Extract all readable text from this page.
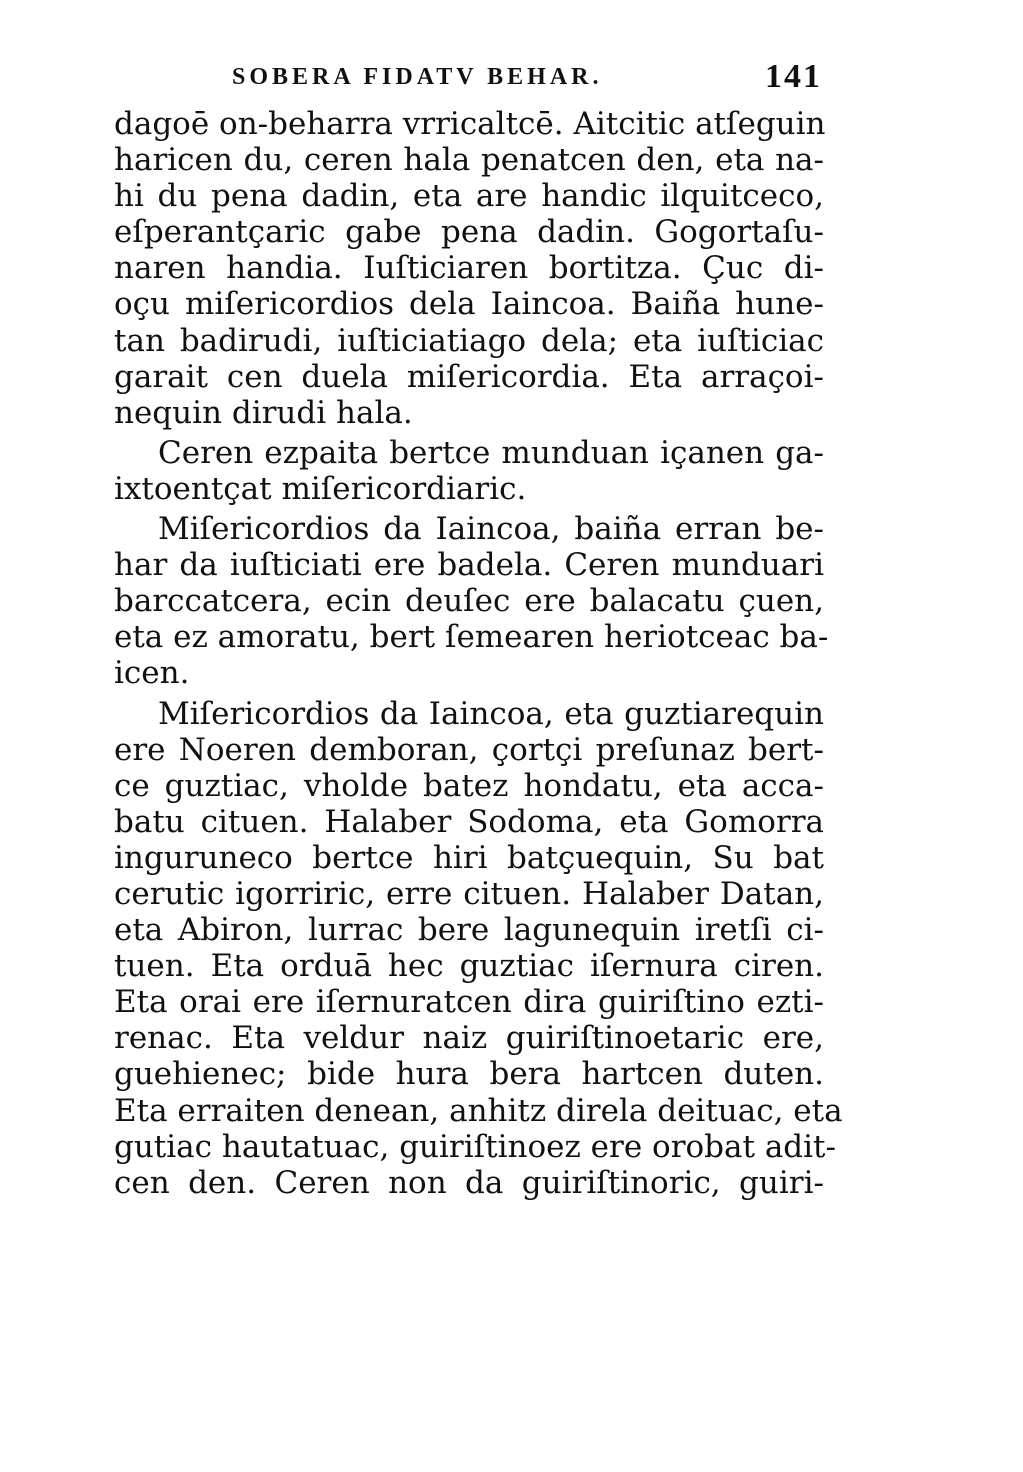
SOBERA FIDATV BEHAR.	141
dagoē on-beharra vrricaltcē. Aitcitic atſeguin
haricen du, ceren hala penatcen den, eta na-
hi du pena dadin, eta are handic ilquitceco,
eſperantçaric gabe pena dadin. Gogortaſu-
naren handia. Iuſticiaren bortitza. Çuc di-
oçu miſericordios dela Iaincoa. Baiña hune-
tan badirudi, iuſticiatiago dela; eta iuſticiac
garait cen duela miſericordia. Eta arraçoi-
nequin dirudi hala.
Ceren ezpaita bertce munduan içanen ga-
ixtoentçat miſericordiaric.
Miſericordios da Iaincoa, baiña erran be-
har da iuſticiati ere badela. Ceren munduari
barccatcera, ecin deuſec ere balacatu çuen,
eta ez amoratu, bert ſemearen heriotceac ba-
icen.
Miſericordios da Iaincoa, eta guztiarequin
ere Noeren demboran, çortçi preſunaz bert-
ce guztiac, vholde batez hondatu, eta acca-
batu cituen. Halaber Sodoma, eta Gomorra
inguruneco bertce hiri batçuequin, Su bat
cerutic igorriric, erre cituen. Halaber Datan,
eta Abiron, lurrac bere lagunequin iretſi ci-
tuen. Eta orduā hec guztiac iſernura ciren.
Eta orai ere iſernuratcen dira guiriſtino ezti-
renac. Eta veldur naiz guiriſtinoetaric ere,
guehienec; bide hura bera hartcen duten.
Eta erraiten denean, anhitz direla deituac, eta
gutiac hautatuac, guiriſtinoez ere orobat adit-
cen den. Ceren non da guiriſtinoric, guiri-
